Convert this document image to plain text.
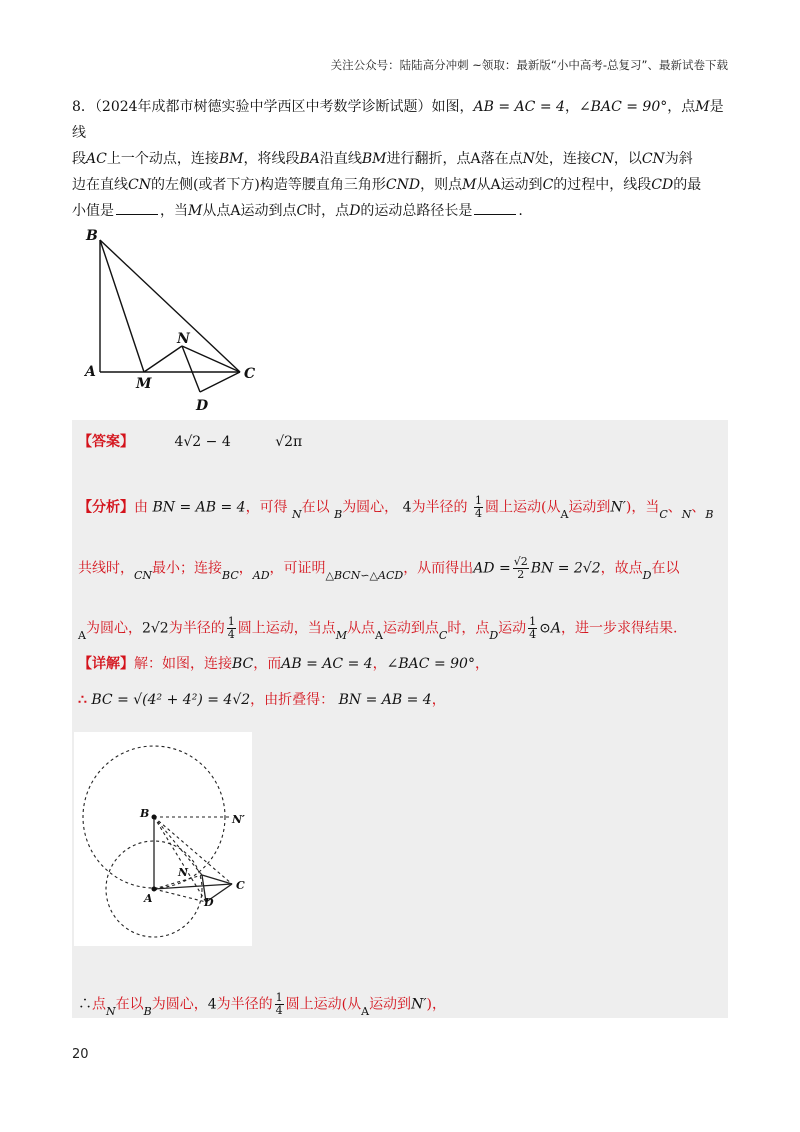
关注公众号：陆陆高分冲刺 ~领取：最新版“小中高考-总复习”、最新试卷下载

8．（2024年成都市树德实验中学西区中考数学诊断试题）如图，AB = AC = 4，∠BAC = 90°，点M是线

段AC上一个动点，连接BM，将线段BA沿直线BM进行翻折，点A落在点N处，连接CN，以CN为斜

边在直线CN的左侧(或者下方)构造等腰直角三角形CND，则点M从A运动到C的过程中，线段CD的最

小值是	，当M从点A运动到点C时，点D的运动总路径长是	.

B
A
M
N
C
D
【答案】	4√2 − 4	√2π
【分析】由 BN = AB = 4，可得 $_N$在以 $_B$为圆心， 4为半径的 $\frac{1}{4}$ 圆上运动(从$_A$运动到N′)，当$_C$、$_N$、$_B$
共线时，$_{CN}$最小；连接$_{BC}$，$_{AD}$，可证明$_{\triangle BCN∽\triangle ACD}$，从而得出AD = $\frac{√2}{2}$ BN = 2√2，故点$_D$在以
$_A$为圆心，2√2为半径的 $\frac{1}{4}$ 圆上运动，当点$_M$从点$_A$运动到点$_C$时，点$_D$运动 $\frac{1}{4}$ ⊙A，进一步求得结果.
【详解】解：如图，连接BC，而AB = AC = 4，∠BAC = 90°，
∴ BC = √(4² + 4²) = 4√2，由折叠得： BN = AB = 4，
B	N′
N
C
A	D
∴点$_N$在以$_B$为圆心，4为半径的 $\frac{1}{4}$ 圆上运动(从$_A$运动到N′)，
20
